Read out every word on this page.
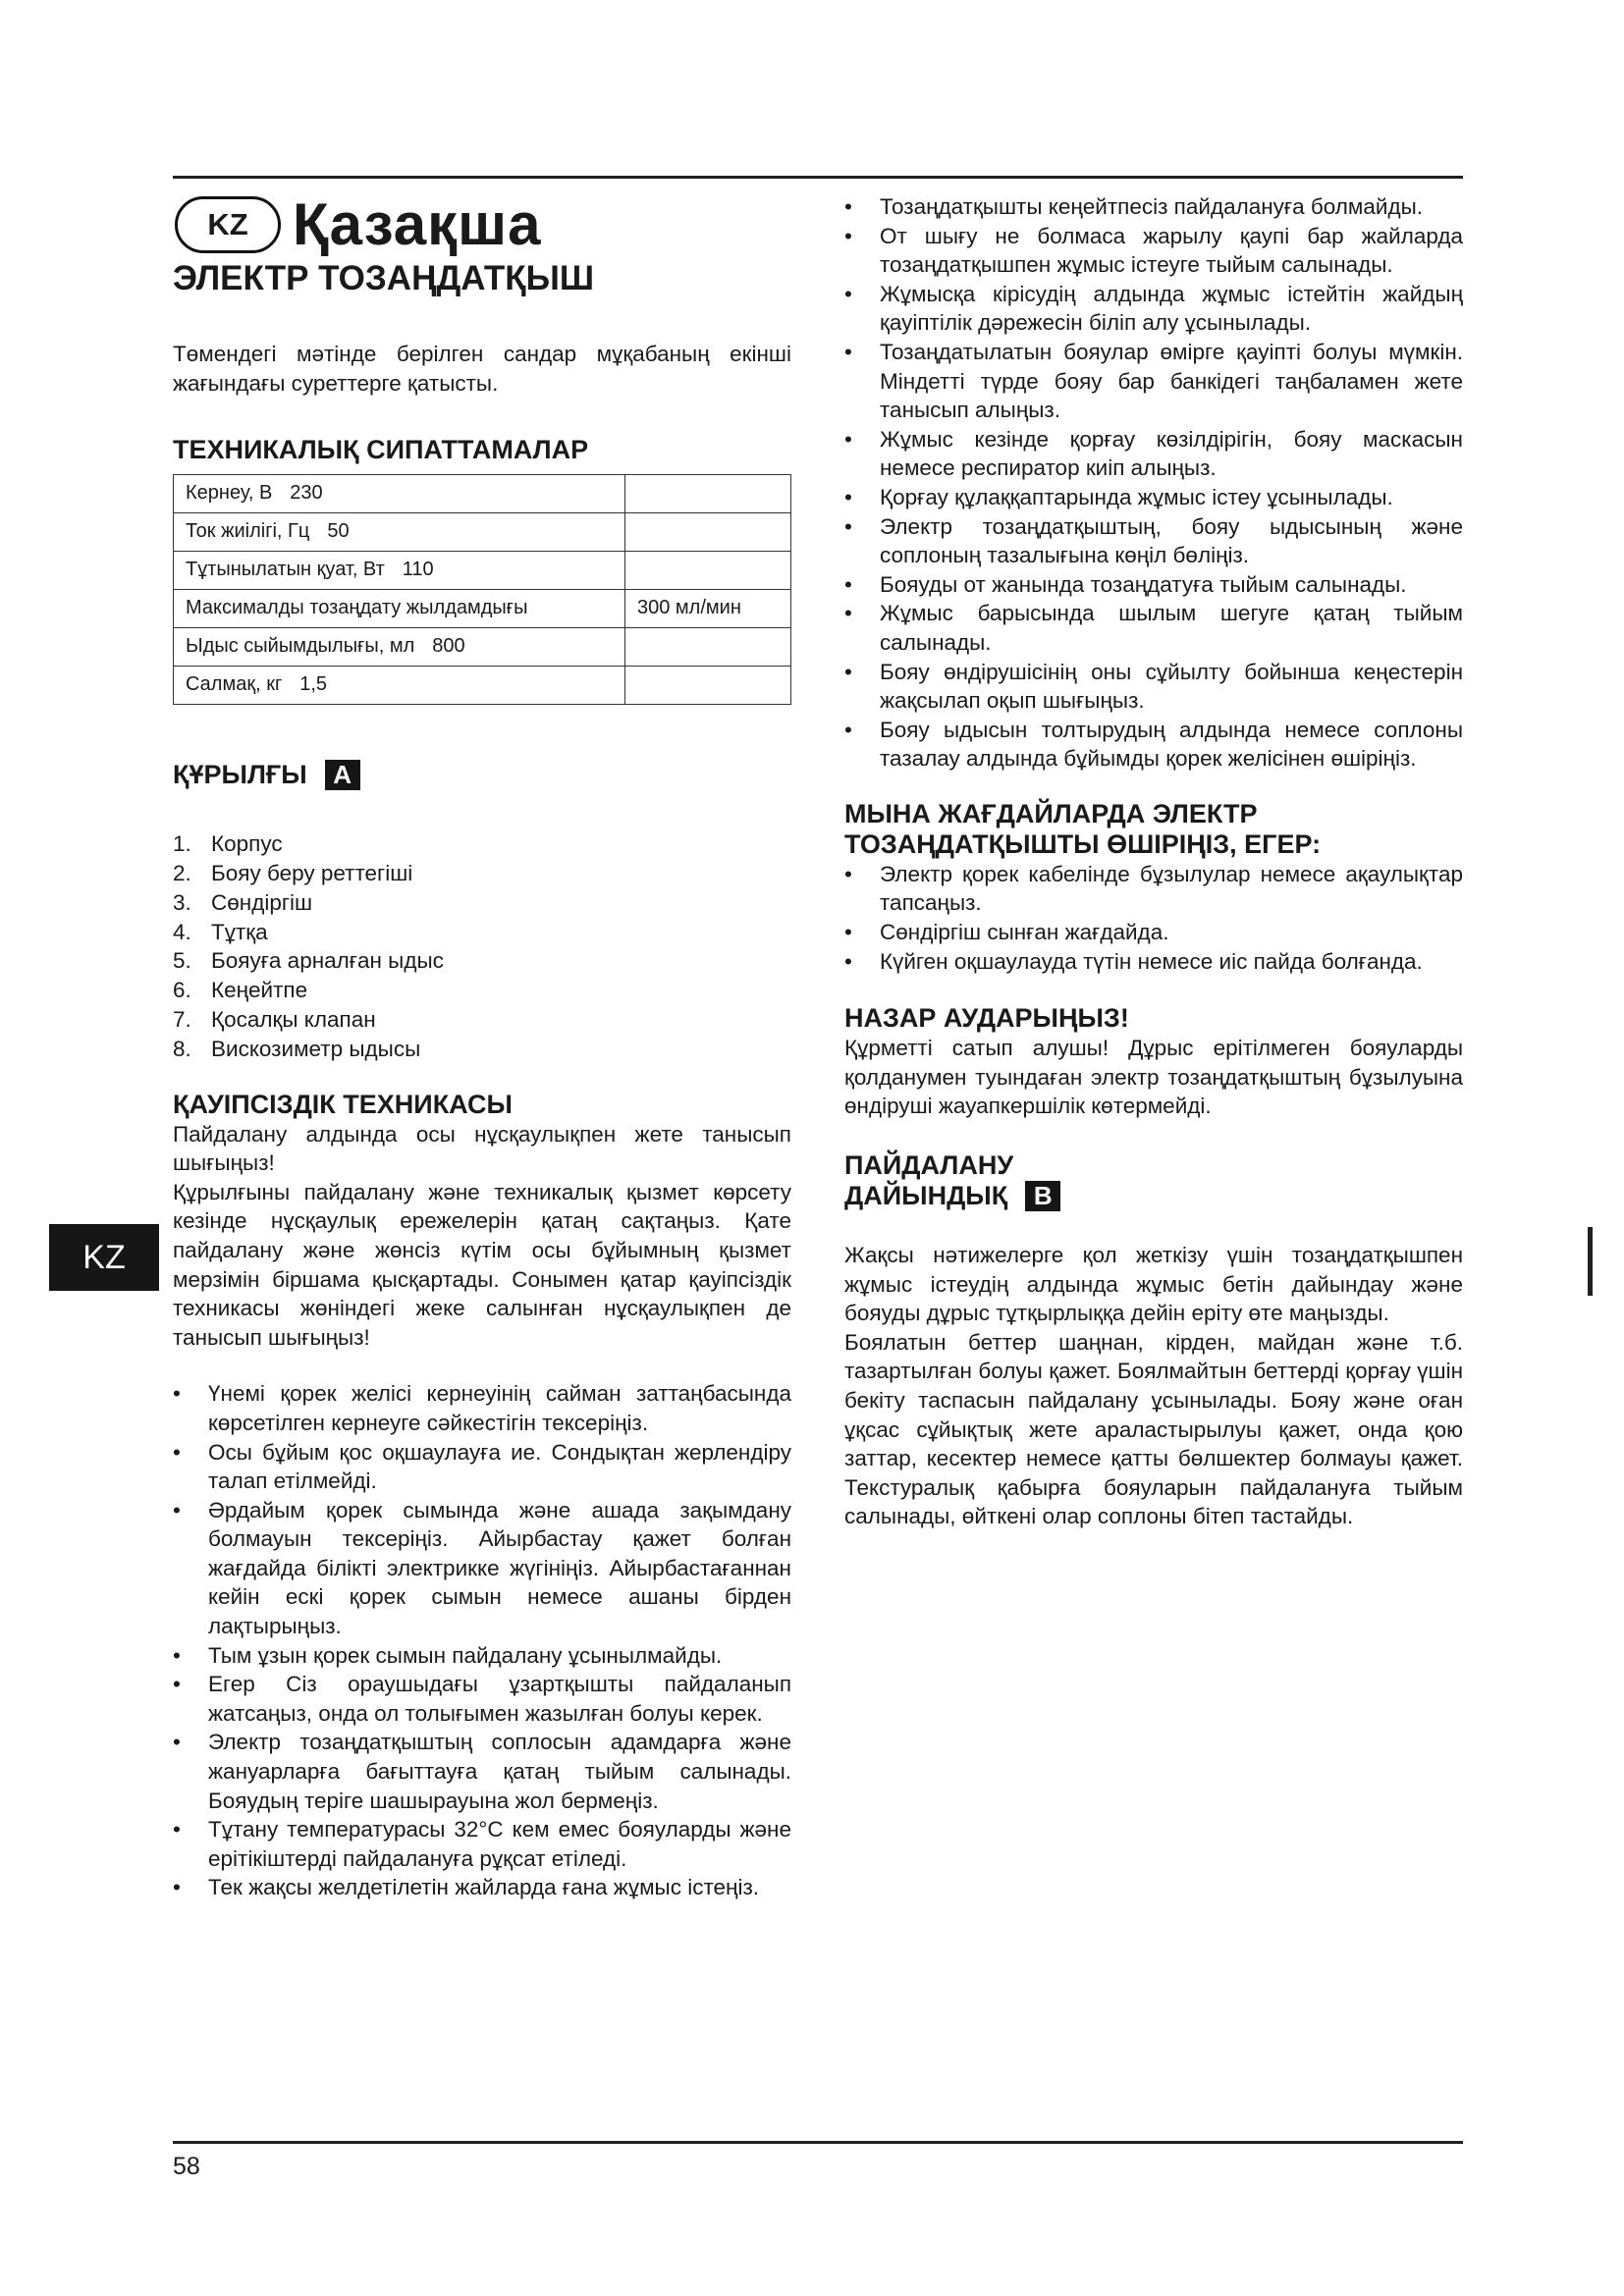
KZ Қазақша
ЭЛЕКТР ТОЗАҢДАТҚЫШ

Төмендегі мәтінде берілген сандар мұқабаның екінші жағындағы суреттерге қатысты.

ТЕХНИКАЛЫҚ СИПАТТАМАЛАР
Кернеу, В 230	
Ток жиілігі, Гц 50	
Тұтынылатын қуат, Вт 110	
Максималды тозаңдату жылдамдығы	300 мл/мин
Ыдыс сыйымдылығы, мл 800	
Салмақ, кг 1,5	
ҚҰРЫЛҒЫ	A
1. Корпус
2. Бояу беру реттегіші
3. Сөндіргіш
4. Тұтқа
5. Бояуға арналған ыдыс
6. Кеңейтпе
7. Қосалқы клапан
8. Вискозиметр ыдысы
ҚАУІПСІЗДІК ТЕХНИКАСЫ

Пайдалану алдында осы нұсқаулықпен жете танысып шығыңыз!
Құрылғыны пайдалану және техникалық қызмет көрсету кезінде нұсқаулық ережелерін қатаң сақтаңыз. Қате пайдалану және жөнсіз күтім осы бұйымның қызмет мерзімін біршама қысқартады. Сонымен қатар қауіпсіздік техникасы жөніндегі жеке салынған нұсқаулықпен де танысып шығыңыз!

• Үнемі қорек желісі кернеуінің сайман заттаңбасында көрсетілген кернеуге сәйкестігін тексеріңіз.
• Осы бұйым қос оқшаулауға ие. Сондықтан жерлендіру талап етілмейді.
• Әрдайым қорек сымында және ашада зақымдану болмауын тексеріңіз. Айырбастау қажет болған жағдайда білікті электрикке жүгініңіз. Айырбастағаннан кейін ескі қорек сымын немесе ашаны бірден лақтырыңыз.
• Тым ұзын қорек сымын пайдалану ұсынылмайды.
• Егер Сіз ораушыдағы ұзартқышты пайдаланып жатсаңыз, онда ол толығымен жазылған болуы керек.
• Электр тозаңдатқыштың соплосын адамдарға және жануарларға бағыттауға қатаң тыйым салынады. Бояудың теріге шашырауына жол бермеңіз.
• Тұтану температурасы 32°С кем емес бояуларды және ерітікіштерді пайдалануға рұқсат етіледі.
• Тек жақсы желдетілетін жайларда ғана жұмыс істеңіз.
• Тозаңдатқышты кеңейтпесіз пайдалануға болмайды.
• От шығу не болмаса жарылу қаупі бар жайларда тозаңдатқышпен жұмыс істеуге тыйым салынады.
• Жұмысқа кірісудің алдында жұмыс істейтін жайдың қауіптілік дәрежесін біліп алу ұсынылады.
• Тозаңдатылатын бояулар өмірге қауіпті болуы мүмкін. Міндетті түрде бояу бар банкідегі таңбаламен жете танысып алыңыз.
• Жұмыс кезінде қорғау көзілдірігін, бояу маскасын немесе респиратор киіп алыңыз.
• Қорғау құлаққаптарында жұмыс істеу ұсынылады.
• Электр тозаңдатқыштың, бояу ыдысының және соплоның тазалығына көңіл бөліңіз.
• Бояуды от жанында тозаңдатуға тыйым салынады.
• Жұмыс барысында шылым шегуге қатаң тыйым салынады.
• Бояу өндірушісінің оны сұйылту бойынша кеңестерін жақсылап оқып шығыңыз.
• Бояу ыдысын толтырудың алдында немесе соплоны тазалау алдында бұйымды қорек желісінен өшіріңіз.
МЫНА ЖАҒДАЙЛАРДА ЭЛЕКТР
ТОЗАҢДАТҚЫШТЫ ӨШІРІҢІЗ, ЕГЕР:
• Электр қорек кабелінде бұзылулар немесе ақаулықтар тапсаңыз.
• Сөндіргіш сынған жағдайда.
• Күйген оқшаулауда түтін немесе иіс пайда болғанда.
НАЗАР АУДАРЫҢЫЗ!

Құрметті сатып алушы! Дұрыс ерітілмеген бояуларды қолданумен туындаған электр тозаңдатқыштың бұзылуына өндіруші жауапкершілік көтермейді.

ПАЙДАЛАНУ
ДАЙЫНДЫҚ	B

Жақсы нәтижелерге қол жеткізу үшін тозаңдатқышпен жұмыс істеудің алдында жұмыс бетін дайындау және бояуды дұрыс тұтқырлыққа дейін еріту өте маңызды.

Боялатын беттер шаңнан, кірден, майдан және т.б. тазартылған болуы қажет. Боялмайтын беттерді қорғау үшін бекіту таспасын пайдалану ұсынылады. Бояу және оған ұқсас сұйықтық жете араластырылуы қажет, онда қою заттар, кесектер немесе қатты бөлшектер болмауы қажет. Текстуралық қабырға бояуларын пайдалануға тыйым салынады, өйткені олар соплоны бітеп тастайды.

KZ
58
